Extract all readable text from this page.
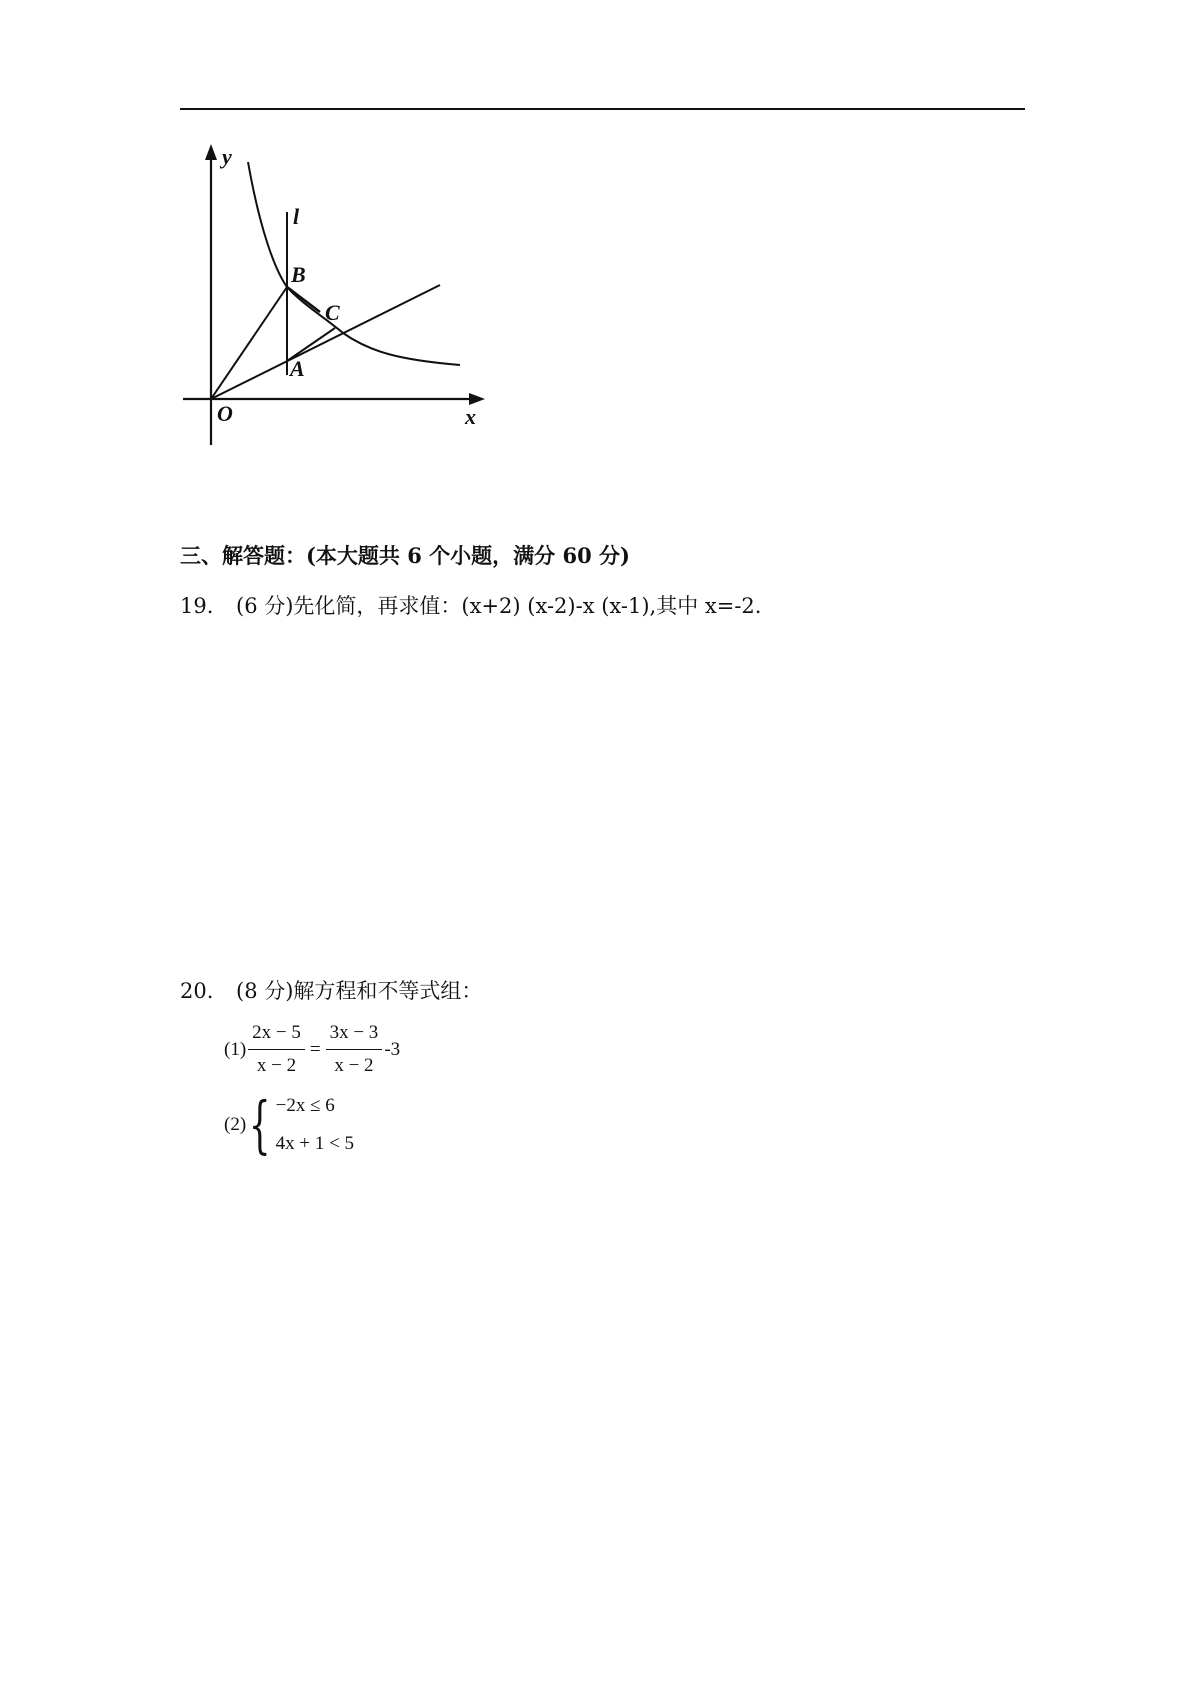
y
x
l
B
C
A
O
三、解答题：(本大题共 6 个小题，满分 60 分)
19. (6 分)先化简，再求值：(x+2) (x-2)-x (x-1),其中 x=-2.
20. (8 分)解方程和不等式组：
$(1) \frac{2x - 5}{x - 2} = \frac{3x - 3}{x - 2} -3$
(2) { −2x ≤ 6
4x + 1 < 5
